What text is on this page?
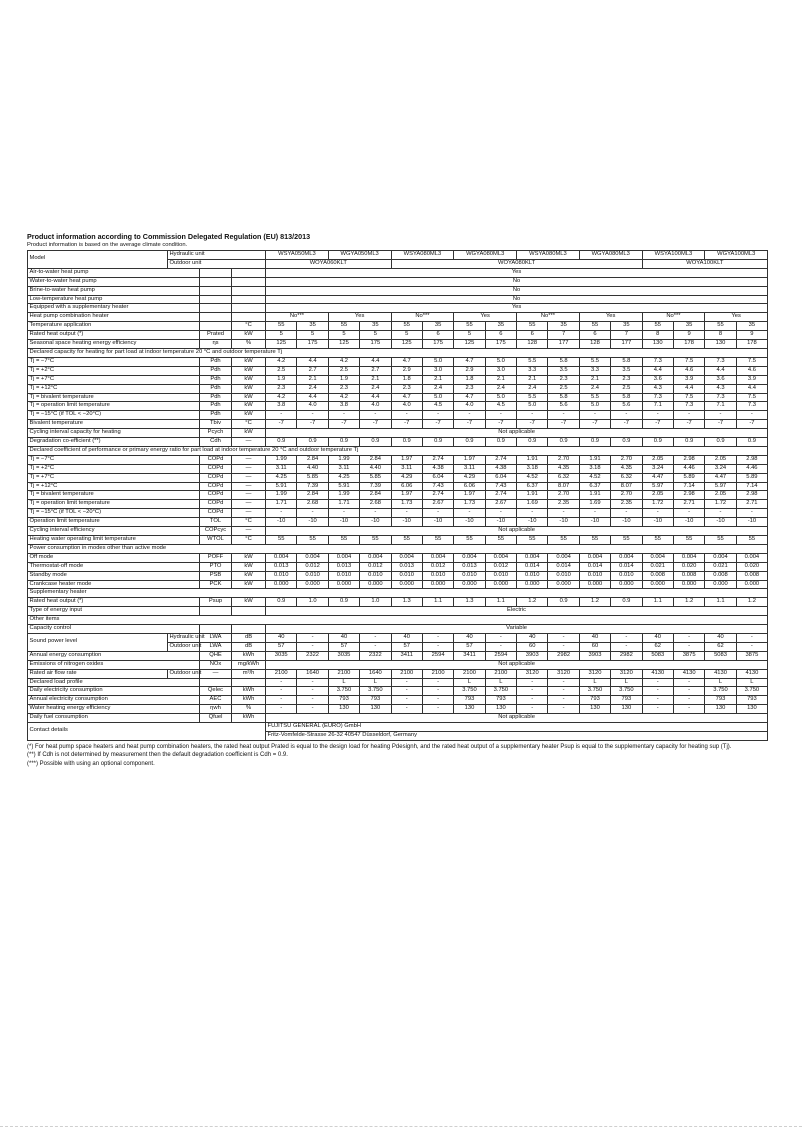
Product information according to Commission Delegated Regulation (EU) 813/2013
Product information is based on the average climate condition.
Model	Hydraulic unit			WSYA050ML3		WGYA050ML3		WSYA080ML3		WGYA080ML3		WSYA080ML3		WGYA080ML3		WSYA100ML3		WGYA100ML3	
	Outdoor unit			WOYA060KLT				WOYA080KLT								WOYA100KLT			
Air-to-water heat pump				Yes															
Water-to-water heat pump				No															
Brine-to-water heat pump				No															
Low-temperature heat pump				No															
Equipped with a supplementary heater				Yes															
Heat pump combination heater				No***		Yes		No***		Yes		No***		Yes		No***		Yes	
Temperature application			°C	55	35	55	35	55	35	55	35	55	35	55	35	55	35	55	35
Rated heat output (*)		Prated	kW	5	5	5	5	5	6	5	6	6	7	6	7	8	9	8	9
Seasonal space heating energy efficiency		ηs	%	125	175	125	175	125	175	125	175	128	177	128	177	130	178	130	178
Declared capacity for heating for part load at indoor temperature 20 °C and outdoor temperature Tj																			
Tj = −7°C		Pdh	kW	4.2	4.4	4.2	4.4	4.7	5.0	4.7	5.0	5.5	5.8	5.5	5.8	7.3	7.5	7.3	7.5
Tj = +2°C		Pdh	kW	2.5	2.7	2.5	2.7	2.9	3.0	2.9	3.0	3.3	3.5	3.3	3.5	4.4	4.6	4.4	4.6
Tj = +7°C		Pdh	kW	1.9	2.1	1.9	2.1	1.8	2.1	1.8	2.1	2.1	2.3	2.1	2.3	3.6	3.9	3.6	3.9
Tj = +12°C		Pdh	kW	2.3	2.4	2.3	2.4	2.3	2.4	2.3	2.4	2.4	2.5	2.4	2.5	4.3	4.4	4.3	4.4
Tj = bivalent temperature		Pdh	kW	4.2	4.4	4.2	4.4	4.7	5.0	4.7	5.0	5.5	5.8	5.5	5.8	7.3	7.5	7.3	7.5
Tj = operation limit temperature		Pdh	kW	3.8	4.0	3.8	4.0	4.0	4.5	4.0	4.5	5.0	5.6	5.0	5.6	7.1	7.3	7.1	7.3
Tj = −15°C (if TOL < −20°C)		Pdh	kW	-	-	-	-	-	-	-	-	-	-	-	-	-	-	-	-
Bivalent temperature		Tbiv	°C	-7	-7	-7	-7	-7	-7	-7	-7	-7	-7	-7	-7	-7	-7	-7	-7
Cycling interval capacity for heating		Pcych	kW	Not applicable															
Degradation co-efficient (**)		Cdh	—	0.9	0.9	0.9	0.9	0.9	0.9	0.9	0.9	0.9	0.9	0.9	0.9	0.9	0.9	0.9	0.9
Declared coefficient of performance or primary energy ratio for part load at indoor temperature 20 °C and outdoor temperature Tj																			
Tj = −7°C		COPd	—	1.99	2.84	1.99	2.84	1.97	2.74	1.97	2.74	1.91	2.70	1.91	2.70	2.05	2.98	2.05	2.98
Tj = +2°C		COPd	—	3.11	4.40	3.11	4.40	3.11	4.38	3.11	4.38	3.18	4.35	3.18	4.35	3.24	4.46	3.24	4.46
Tj = +7°C		COPd	—	4.25	5.85	4.25	5.85	4.29	6.04	4.29	6.04	4.52	6.32	4.52	6.32	4.47	5.89	4.47	5.89
Tj = +12°C		COPd	—	5.91	7.39	5.91	7.39	6.06	7.43	6.06	7.43	6.37	8.07	6.37	8.07	5.97	7.14	5.97	7.14
Tj = bivalent temperature		COPd	—	1.99	2.84	1.99	2.84	1.97	2.74	1.97	2.74	1.91	2.70	1.91	2.70	2.05	2.98	2.05	2.98
Tj = operation limit temperature		COPd	—	1.71	2.68	1.71	2.68	1.73	2.67	1.73	2.67	1.69	2.35	1.69	2.35	1.72	2.71	1.72	2.71
Tj = −15°C (if TOL < −20°C)		COPd	—	-	-	-	-	-	-	-	-	-	-	-	-	-	-	-	-
Operation limit temperature		TOL	°C	-10	-10	-10	-10	-10	-10	-10	-10	-10	-10	-10	-10	-10	-10	-10	-10
Cycling interval efficiency		COPcyc	—	Not applicable															
Heating water operating limit temperature		WTOL	°C	55	55	55	55	55	55	55	55	55	55	55	55	55	55	55	55
Power consumption in modes other than active mode																			
Off mode		POFF	kW	0.004	0.004	0.004	0.004	0.004	0.004	0.004	0.004	0.004	0.004	0.004	0.004	0.004	0.004	0.004	0.004
Thermostat-off mode		PTO	kW	0.013	0.012	0.013	0.012	0.013	0.012	0.013	0.012	0.014	0.014	0.014	0.014	0.021	0.020	0.021	0.020
Standby mode		PSB	kW	0.010	0.010	0.010	0.010	0.010	0.010	0.010	0.010	0.010	0.010	0.010	0.010	0.008	0.008	0.008	0.008
Crankcase heater mode		PCK	kW	0.000	0.000	0.000	0.000	0.000	0.000	0.000	0.000	0.000	0.000	0.000	0.000	0.000	0.000	0.000	0.000
Supplementary heater																			
Rated heat output (*)		Psup	kW	0.9	1.0	0.9	1.0	1.3	1.1	1.3	1.1	1.2	0.9	1.2	0.9	1.1	1.2	1.1	1.2
Type of energy input				Electric															
Other items																			
Capacity control				Variable															
Sound power level	Hydraulic unit	LWA	dB	40	-	40	-	40	-	40	-	40	-	40	-	40	-	40	-
	Outdoor unit	LWA	dB	57	-	57	-	57	-	57	-	60	-	60	-	62	-	62	-
Annual energy consumption		QHE	kWh	3035	2322	3035	2322	3411	2594	3411	2594	3903	2982	3903	2982	5083	3875	5083	3875
Emissions of nitrogen oxides		NOx	mg/kWh	Not applicable															
Rated air flow rate	Outdoor unit	—	m³/h	2100	1640	2100	1640	2100	2100	2100	2100	3120	3120	3120	3120	4130	4130	4130	4130
Declared load profile				-	-	L	L	-	-	L	L	-	-	L	L	-	-	L	L
Daily electricity consumption		Qelec	kWh	-	-	3.750	3.750	-	-	3.750	3.750	-	-	3.750	3.750	-	-	3.750	3.750
Annual electricity consumption		AEC	kWh	-	-	793	793	-	-	793	793	-	-	793	793	-	-	793	793
Water heating energy efficiency		ηwh	%	-	-	130	130	-	-	130	130	-	-	130	130	-	-	130	130
Daily fuel consumption		Qfuel	kWh	Not applicable															
Contact details				FUJITSU GENERAL (EURO) GmbH															
				Fritz-Vomfelde-Strasse 26-32 40547 Düsseldorf, Germany															

(*) For heat pump space heaters and heat pump combination heaters, the rated heat output Prated is equal to the design load for heating Pdesignh, and the rated heat output of a supplementary heater Psup is equal to the supplementary capacity for heating sup (Tj).

(**) If Cdh is not determined by measurement then the default degradation coefficient is Cdh = 0.9.

(***) Possible with using an optional component.
